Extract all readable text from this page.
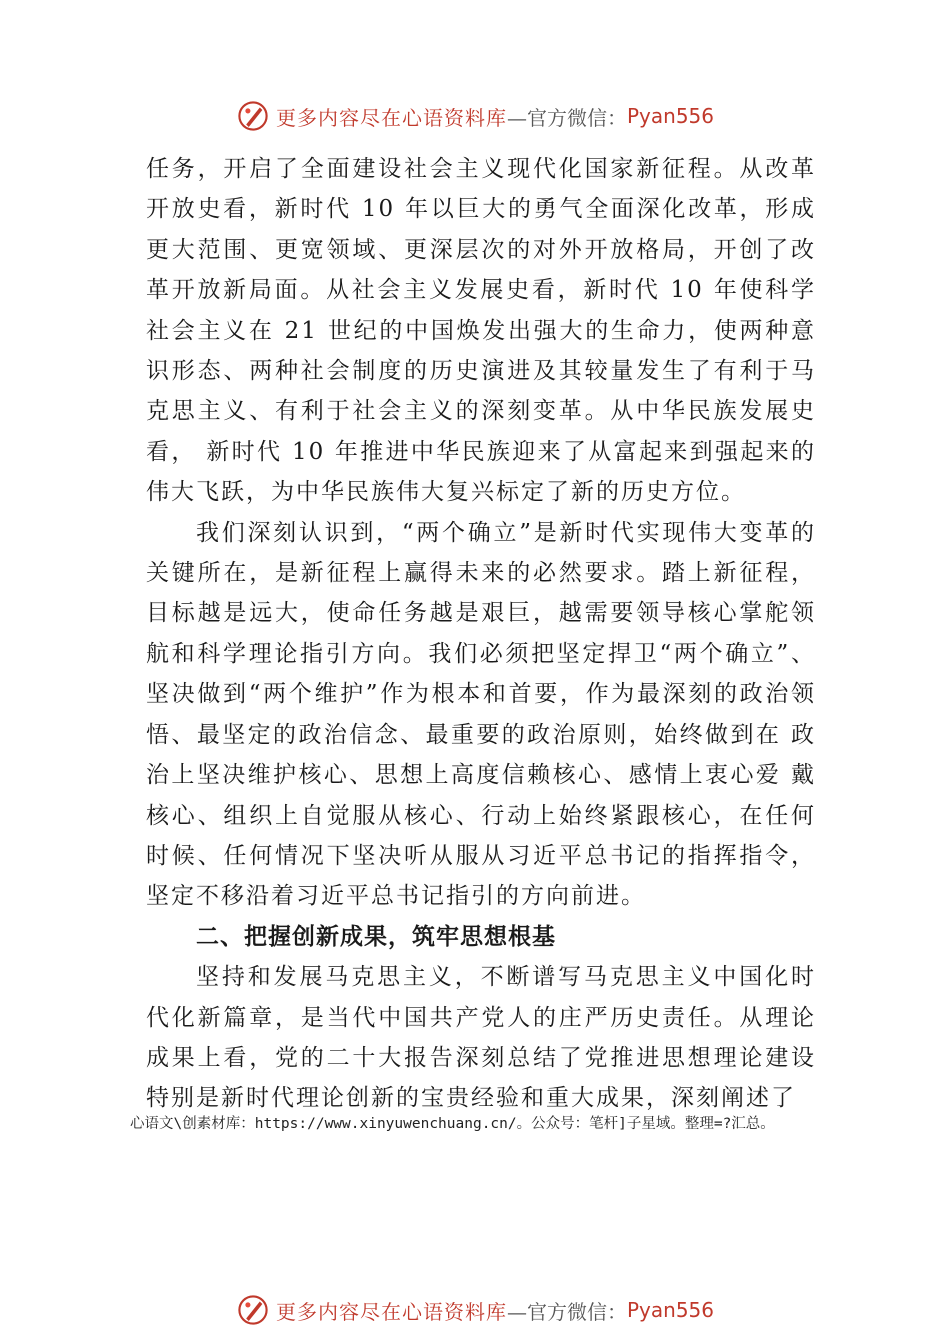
更多内容尽在心语资料库 —官方微信： Pyan556

任务，开启了全面建设社会主义现代化国家新征程。从改革开放史看，新时代 10 年以巨大的勇气全面深化改革，形成更大范围、更宽领域、更深层次的对外开放格局，开创了改革开放新局面。从社会主义发展史看，新时代 10 年使科学社会主义在 21 世纪的中国焕发出强大的生命力，使两种意识形态、两种社会制度的历史演进及其较量发生了有利于马克思主义、有利于社会主义的深刻变革。从中华民族发展史看， 新时代 10 年推进中华民族迎来了从富起来到强起来的伟大飞跃，为中华民族伟大复兴标定了新的历史方位。

我们深刻认识到，“两个确立”是新时代实现伟大变革的 关键所在，是新征程上赢得未来的必然要求。踏上新征程， 目标越是远大，使命任务越是艰巨，越需要领导核心掌舵领 航和科学理论指引方向。我们必须把坚定捍卫“两个确立”、 坚决做到“两个维护”作为根本和首要，作为最深刻的政治领悟、最坚定的政治信念、最重要的政治原则，始终做到在 政治上坚决维护核心、思想上高度信赖核心、感情上衷心爱 戴核心、组织上自觉服从核心、行动上始终紧跟核心，在任何时候、任何情况下坚决听从服从习近平总书记的指挥指令， 坚定不移沿着习近平总书记指引的方向前进。

二、把握创新成果，筑牢思想根基

坚持和发展马克思主义，不断谱写马克思主义中国化时代化新篇章，是当代中国共产党人的庄严历史责任。从理论成果上看，党的二十大报告深刻总结了党推进思想理论建设特别是新时代理论创新的宝贵经验和重大成果，深刻阐述了

心语文\创素材库：https://www.xinyuwenchuang.cn/。公众号：笔杆]子星域。整理=?汇总。
更多内容尽在心语资料库 —官方微信： Pyan556
